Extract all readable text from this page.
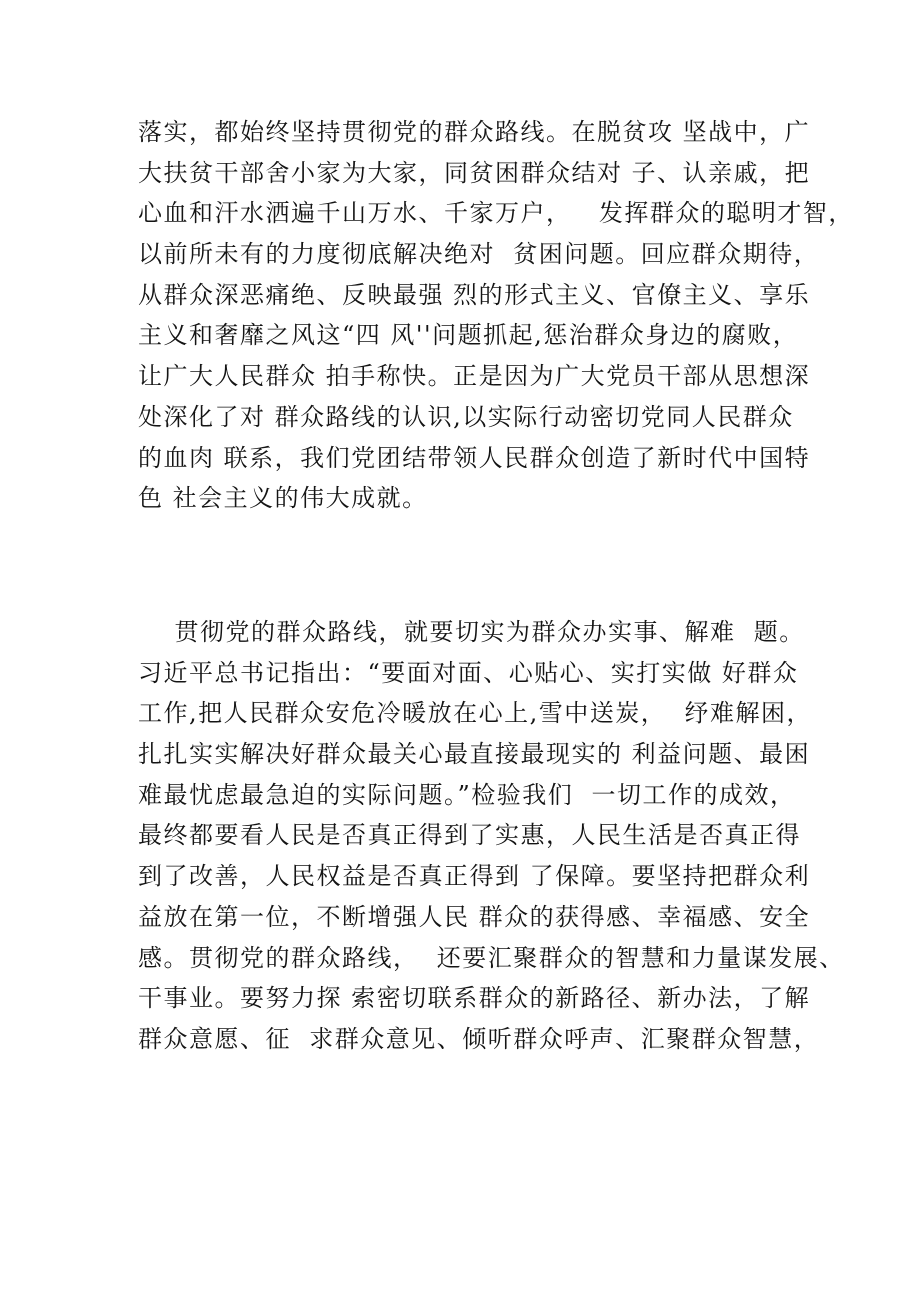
落实，都始终坚持贯彻党的群众路线。在脱贫攻 坚战中，广
大扶贫干部舍小家为大家，同贫困群众结对 子、认亲戚，把
心血和汗水洒遍千山万水、千家万户，   发挥群众的聪明才智，
以前所未有的力度彻底解决绝对  贫困问题。回应群众期待，
从群众深恶痛绝、反映最强 烈的形式主义、官僚主义、享乐
主义和奢靡之风这“四 风''问题抓起,惩治群众身边的腐败，
让广大人民群众 拍手称快。正是因为广大党员干部从思想深
处深化了对 群众路线的认识,以实际行动密切党同人民群众
的血肉 联系，我们党团结带领人民群众创造了新时代中国特
色 社会主义的伟大成就。
贯彻党的群众路线，就要切实为群众办实事、解难  题。
习近平总书记指出：“要面对面、心贴心、实打实做 好群众
工作,把人民群众安危冷暖放在心上,雪中送炭，  纾难解困，
扎扎实实解决好群众最关心最直接最现实的 利益问题、最困
难最忧虑最急迫的实际问题。”检验我们  一切工作的成效，
最终都要看人民是否真正得到了实惠，人民生活是否真正得
到了改善，人民权益是否真正得到 了保障。要坚持把群众利
益放在第一位，不断增强人民 群众的获得感、幸福感、安全
感。贯彻党的群众路线，  还要汇聚群众的智慧和力量谋发展、
干事业。要努力探 索密切联系群众的新路径、新办法，了解
群众意愿、征  求群众意见、倾听群众呼声、汇聚群众智慧，
